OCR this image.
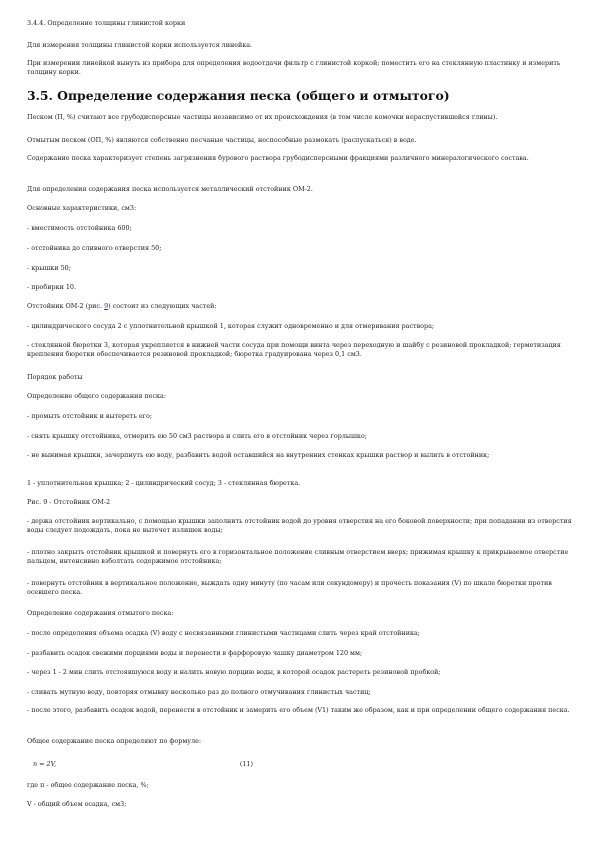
3.4.4. Определение толщины глинистой корки

Для измерения толщины глинистой корки используется линейка.

При измерении линейкой вынуть из прибора для определения водоотдачи фильтр с глинистой коркой; поместить его на стеклянную пластинку и измерить толщину корки.

3.5. Определение содержания песка (общего и отмытого)

Песком (П, %) считают все грубодисперсные частицы независимо от их происхождения (в том числе комочки нераспустившейся глины).

Отмытым песком (ОП, %) являются собственно песчаные частицы, неспособные размокать (распускаться) в воде.

Содержание песка характеризует степень загрязнения бурового раствора грубодисперсными фракциями различного минералогического состава.

Для определения содержания песка используется металлический отстойник ОМ-2.

Основные характеристики, см3:

- вместимость отстойника 600;

- отстойника до сливного отверстия 50;

- крышки 50;

- пробирки 10.

Отстойник ОМ-2 (рис. 9) состоит из следующих частей:

- цилиндрического сосуда 2 с уплотнительной крышкой 1, которая служит одновременно и для отмеривания раствора;

- стеклянной бюретки 3, которая укрепляется в нижней части сосуда при помощи винта через переходную и шайбу с резиновой прокладкой; герметизация крепления бюретки обеспечивается резиновой прокладкой; бюретка градуирована через 0,1 см3.

Порядок работы

Определение общего содержания песка:

- промыть отстойник и вытереть его;

- снять крышку отстойника, отмерить ею 50 см3 раствора и слить его в отстойник через горлышко;

- не вынимая крышки, зачерпнуть ею воду, разбавить водой оставшийся на внутренних стенках крышки раствор и вылить в отстойник;

1 - уплотнительная крышка; 2 - цилиндрический сосуд; 3 - стеклянная бюретка.

Рис. 9 - Отстойник ОМ-2

- держа отстойник вертикально, с помощью крышки заполнить отстойник водой до уровня отверстия на его боковой поверхности; при попадании из отверстия воды следует подождать, пока не вытечет излишек воды;

- плотно закрыть отстойник крышкой и повернуть его в горизонтальное положение сливным отверстием вверх; прижимая крышку к прикрываемое отверстие пальцем, интенсивно взболтать содержимое отстойника;

- повернуть отстойник в вертикальное положение, выждать одну минуту (по часам или секундомеру) и прочесть показания (V) по шкале бюретки против осевшего песка.

Определение содержания отмытого песка:

- после определения объема осадка (V) воду с несвязанными глинистыми частицами слить через край отстойника;

- разбавить осадок свежими порциями воды и перенести в фарфоровую чашку диаметром 120 мм;

- через 1 - 2 мин слить отстоявшуюся воду и налить новую порцию воды, в которой осадок растереть резиновой пробкой;

- сливать мутную воду, повторяя отмывку несколько раз до полного отмучивания глинистых частиц;

- после этого, разбавить осадок водой, перенести в отстойник и замерить его объем (V1) таким же образом, как и при определении общего содержания песка.

Общее содержание песка определяют по формуле:

п = 2V,	(11)

где п - общее содержание песка, %;

V - общий объем осадка, см3;
